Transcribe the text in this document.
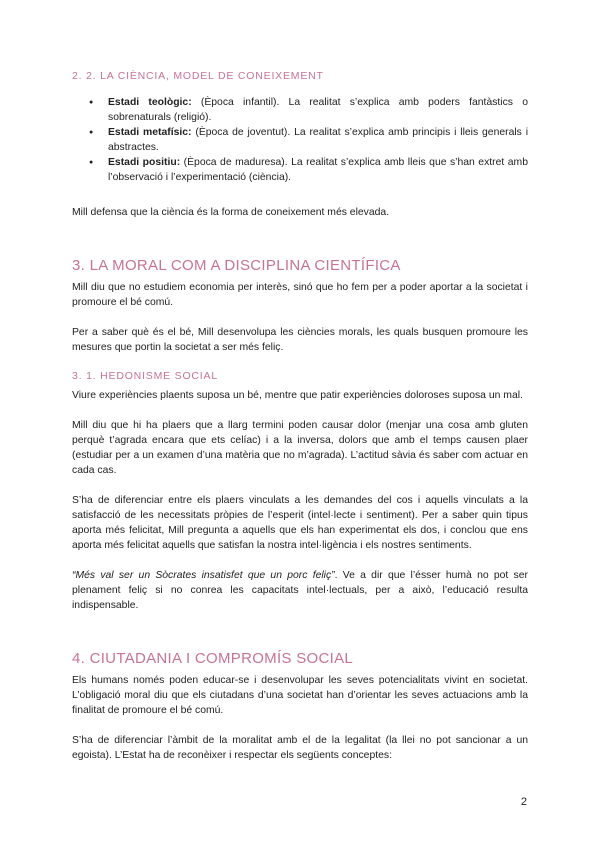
2. 2. LA CIÈNCIA, MODEL DE CONEIXEMENT
● Estadi teològic: (Època infantil). La realitat s’explica amb poders fantàstics o sobrenaturals (religió).
● Estadi metafísic: (Època de joventut). La realitat s’explica amb principis i lleis generals i abstractes.
● Estadi positiu: (Època de maduresa). La realitat s’explica amb lleis que s’han extret amb l’observació i l’experimentació (ciència).

Mill defensa que la ciència és la forma de coneixement més elevada.

3. LA MORAL COM A DISCIPLINA CIENTÍFICA

Mill diu que no estudiem economia per interès, sinó que ho fem per a poder aportar a la societat i promoure el bé comú.

Per a saber què és el bé, Mill desenvolupa les ciències morals, les quals busquen promoure les mesures que portin la societat a ser més feliç.

3. 1. HEDONISME SOCIAL

Viure experiències plaents suposa un bé, mentre que patir experiències doloroses suposa un mal.

Mill diu que hi ha plaers que a llarg termini poden causar dolor (menjar una cosa amb gluten perquè t’agrada encara que ets celíac) i a la inversa, dolors que amb el temps causen plaer (estudiar per a un examen d’una matèria que no m’agrada). L’actitud sàvia és saber com actuar en cada cas.

S’ha de diferenciar entre els plaers vinculats a les demandes del cos i aquells vinculats a la satisfacció de les necessitats pròpies de l’esperit (intel·lecte i sentiment). Per a saber quin tipus aporta més felicitat, Mill pregunta a aquells que els han experimentat els dos, i conclou que ens aporta més felicitat aquells que satisfan la nostra intel·ligència i els nostres sentiments.

“Més val ser un Sòcrates insatisfet que un porc feliç”. Ve a dir que l’ésser humà no pot ser plenament feliç si no conrea les capacitats intel·lectuals, per a això, l’educació resulta indispensable.

4. CIUTADANIA I COMPROMÍS SOCIAL

Els humans només poden educar-se i desenvolupar les seves potencialitats vivint en societat. L’obligació moral diu que els ciutadans d’una societat han d’orientar les seves actuacions amb la finalitat de promoure el bé comú.

S’ha de diferenciar l’àmbit de la moralitat amb el de la legalitat (la llei no pot sancionar a un egoista). L’Estat ha de reconèixer i respectar els següents conceptes:

2
